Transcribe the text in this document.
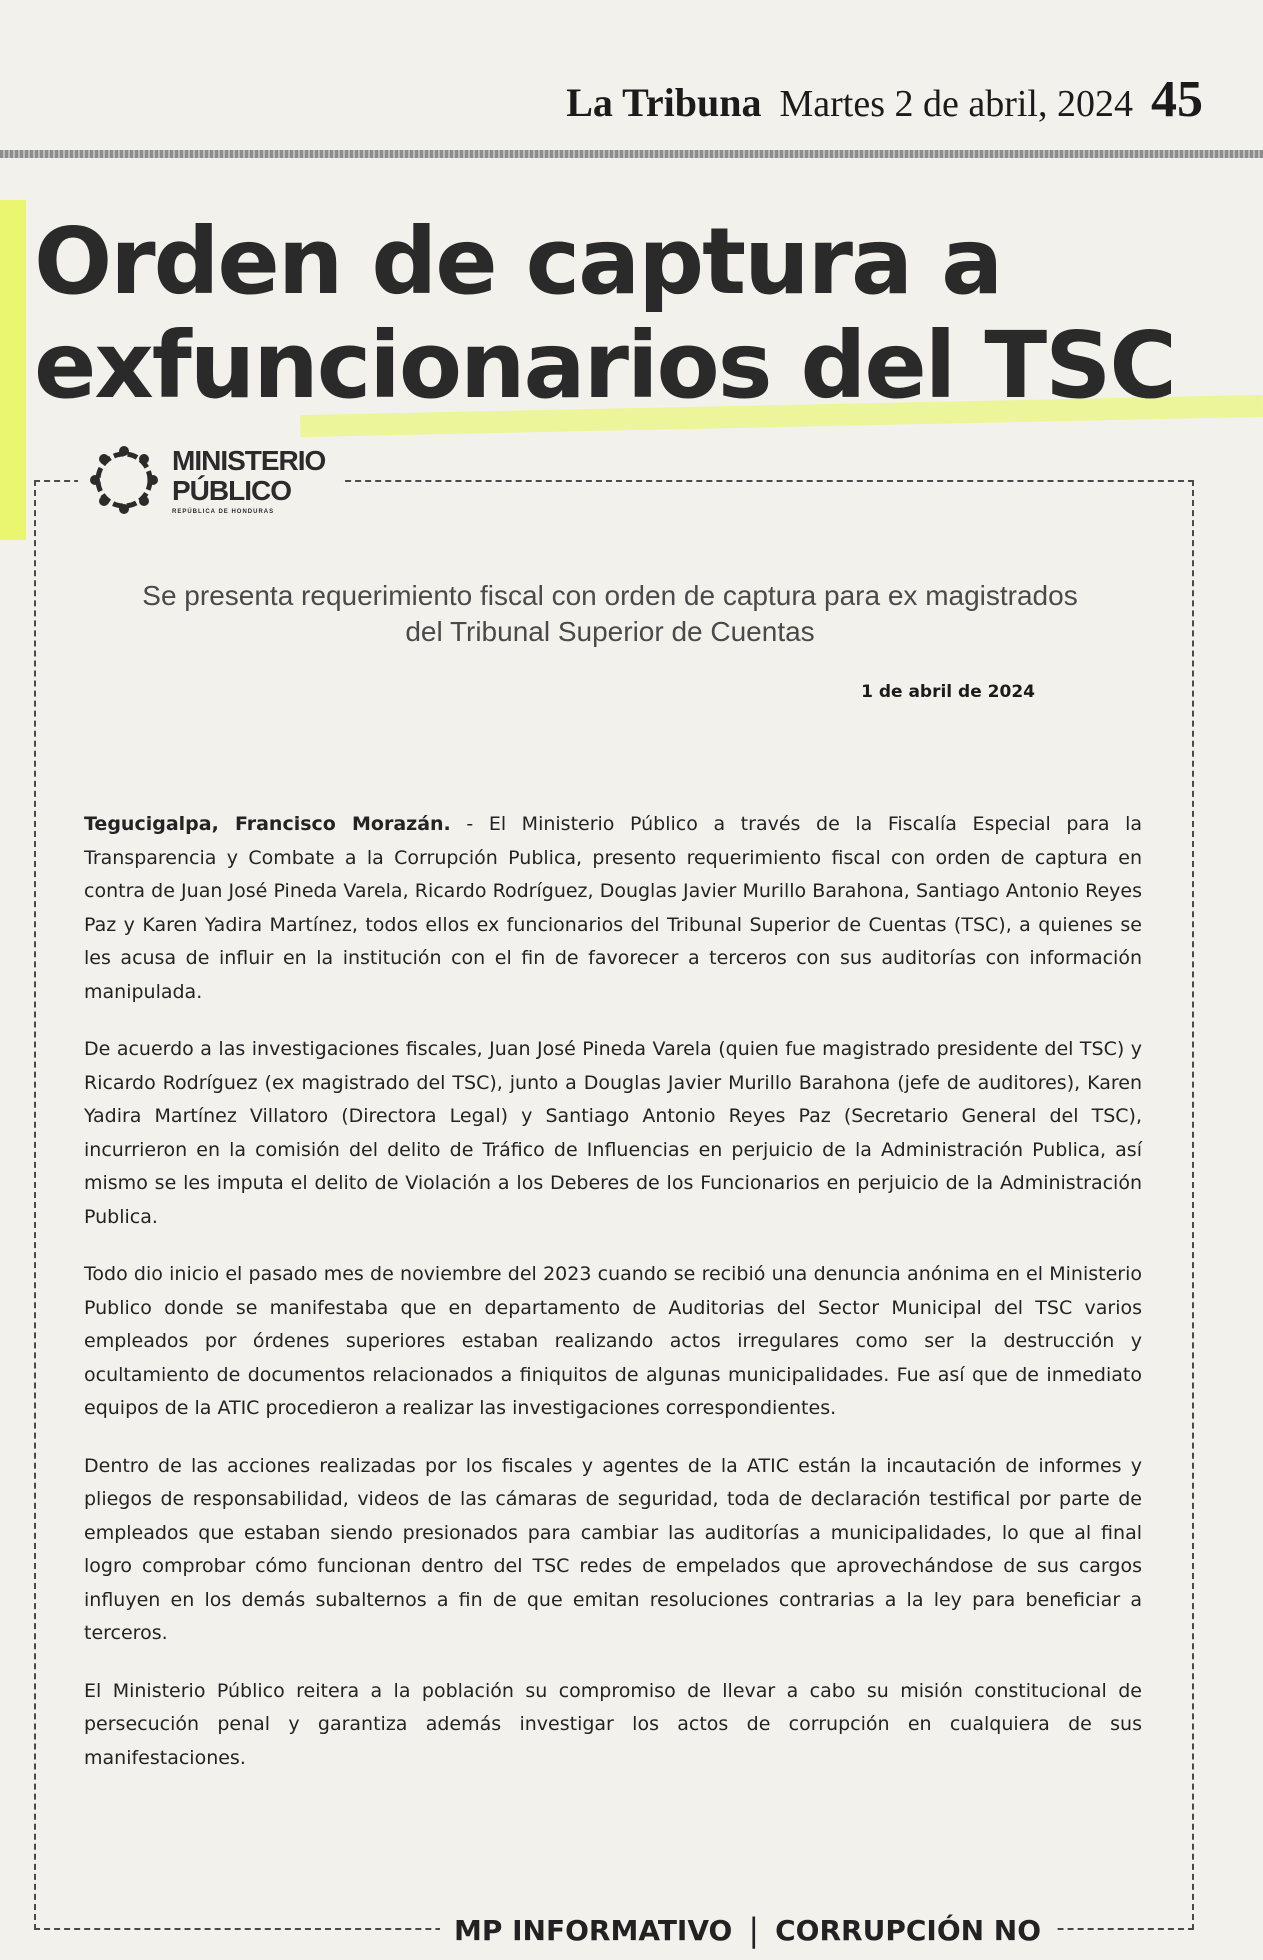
La Tribuna Martes 2 de abril, 2024 45
Orden de captura a exfuncionarios del TSC
MINISTERIO
PÚBLICO
REPÚBLICA DE HONDURAS

Se presenta requerimiento fiscal con orden de captura para ex magistrados del Tribunal Superior de Cuentas

1 de abril de 2024

Tegucigalpa, Francisco Morazán. - El Ministerio Público a través de la Fiscalía Especial para la Transparencia y Combate a la Corrupción Publica, presento requerimiento fiscal con orden de captura en contra de Juan José Pineda Varela, Ricardo Rodríguez, Douglas Javier Murillo Barahona, Santiago Antonio Reyes Paz y Karen Yadira Martínez, todos ellos ex funcionarios del Tribunal Superior de Cuentas (TSC), a quienes se les acusa de influir en la institución con el fin de favorecer a terceros con sus auditorías con información manipulada.

De acuerdo a las investigaciones fiscales, Juan José Pineda Varela (quien fue magistrado presidente del TSC) y Ricardo Rodríguez (ex magistrado del TSC), junto a Douglas Javier Murillo Barahona (jefe de auditores), Karen Yadira Martínez Villatoro (Directora Legal) y Santiago Antonio Reyes Paz (Secretario General del TSC), incurrieron en la comisión del delito de Tráfico de Influencias en perjuicio de la Administración Publica, así mismo se les imputa el delito de Violación a los Deberes de los Funcionarios en perjuicio de la Administración Publica.

Todo dio inicio el pasado mes de noviembre del 2023 cuando se recibió una denuncia anónima en el Ministerio Publico donde se manifestaba que en departamento de Auditorias del Sector Municipal del TSC varios empleados por órdenes superiores estaban realizando actos irregulares como ser la destrucción y ocultamiento de documentos relacionados a finiquitos de algunas municipalidades. Fue así que de inmediato equipos de la ATIC procedieron a realizar las investigaciones correspondientes.

Dentro de las acciones realizadas por los fiscales y agentes de la ATIC están la incautación de informes y pliegos de responsabilidad, videos de las cámaras de seguridad, toda de declaración testifical por parte de empleados que estaban siendo presionados para cambiar las auditorías a municipalidades, lo que al final logro comprobar cómo funcionan dentro del TSC redes de empelados que aprovechándose de sus cargos influyen en los demás subalternos a fin de que emitan resoluciones contrarias a la ley para beneficiar a terceros.

El Ministerio Público reitera a la población su compromiso de llevar a cabo su misión constitucional de persecución penal y garantiza además investigar los actos de corrupción en cualquiera de sus manifestaciones.

MP INFORMATIVO | CORRUPCIÓN NO
